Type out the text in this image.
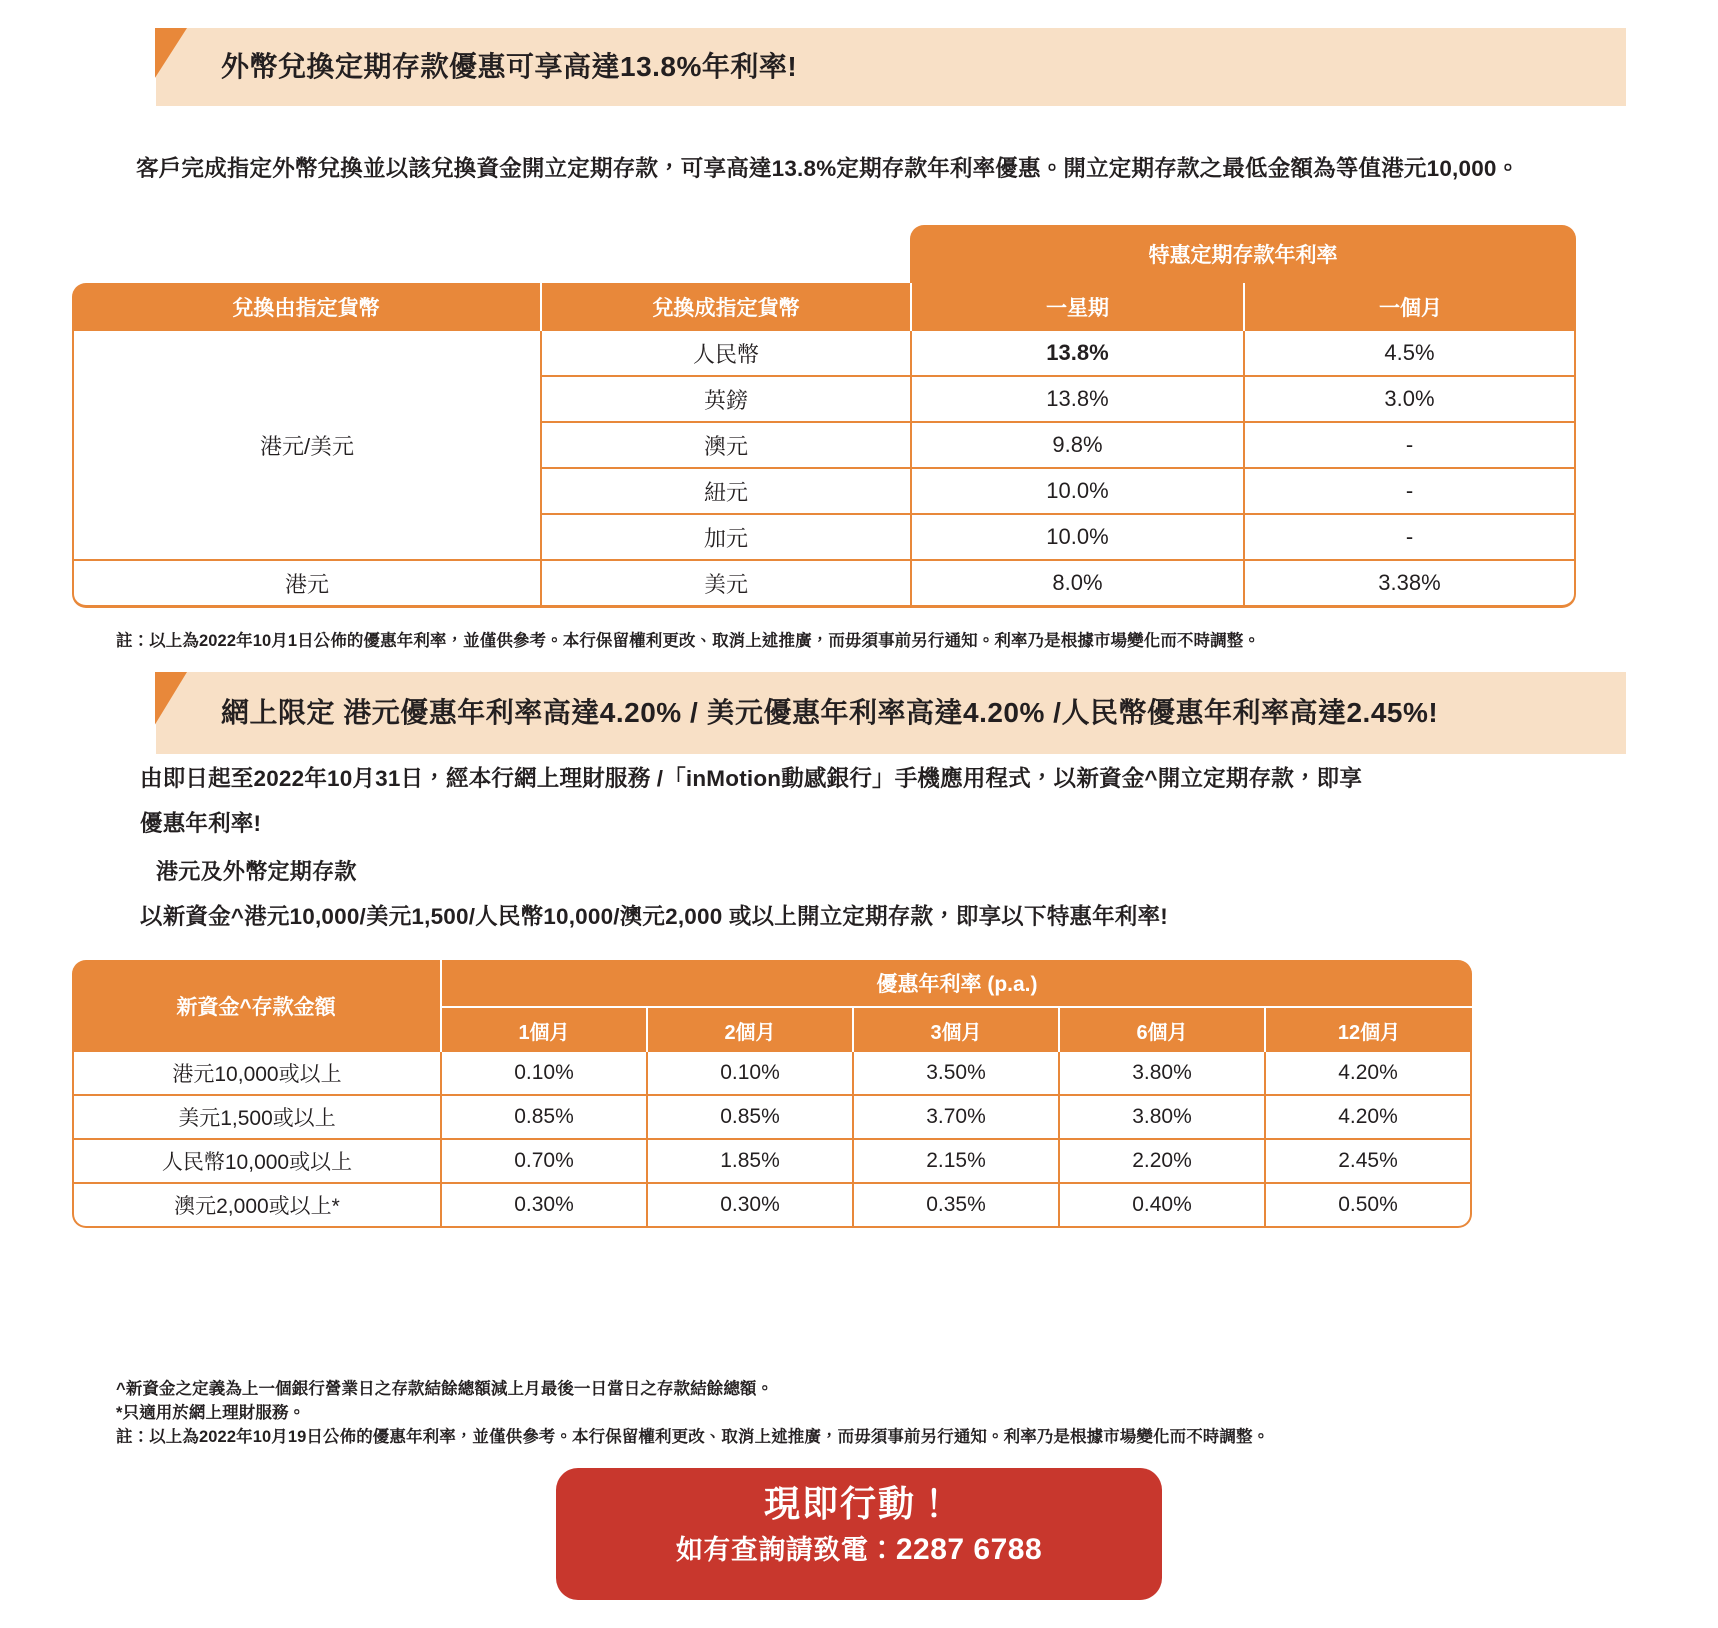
外幣兌換定期存款優惠可享高達13.8%年利率!
客戶完成指定外幣兌換並以該兌換資金開立定期存款，可享高達13.8%定期存款年利率優惠。開立定期存款之最低金額為等值港元10,000。
		特惠定期存款年利率	
兌換由指定貨幣	兌換成指定貨幣	一星期	一個月
港元/美元	人民幣	13.8%	4.5%
	英鎊	13.8%	3.0%
	澳元	9.8%	-
	紐元	10.0%	-
	加元	10.0%	-
港元	美元	8.0%	3.38%
註：以上為2022年10月1日公佈的優惠年利率，並僅供參考。本行保留權利更改、取消上述推廣，而毋須事前另行通知。利率乃是根據市場變化而不時調整。
網上限定 港元優惠年利率高達4.20% / 美元優惠年利率高達4.20% /人民幣優惠年利率高達2.45%!
由即日起至2022年10月31日，經本行網上理財服務 /「inMotion動感銀行」手機應用程式，以新資金^開立定期存款，即享
優惠年利率!
港元及外幣定期存款
以新資金^港元10,000/美元1,500/人民幣10,000/澳元2,000 或以上開立定期存款，即享以下特惠年利率!
新資金^存款金額	優惠年利率 (p.a.)				
	1個月	2個月	3個月	6個月	12個月
港元10,000或以上	0.10%	0.10%	3.50%	3.80%	4.20%
美元1,500或以上	0.85%	0.85%	3.70%	3.80%	4.20%
人民幣10,000或以上	0.70%	1.85%	2.15%	2.20%	2.45%
澳元2,000或以上*	0.30%	0.30%	0.35%	0.40%	0.50%
^新資金之定義為上一個銀行營業日之存款結餘總額減上月最後一日當日之存款結餘總額。
*只適用於網上理財服務。
註：以上為2022年10月19日公佈的優惠年利率，並僅供參考。本行保留權利更改、取消上述推廣，而毋須事前另行通知。利率乃是根據市場變化而不時調整。
現即行動！
如有查詢請致電：2287 6788
